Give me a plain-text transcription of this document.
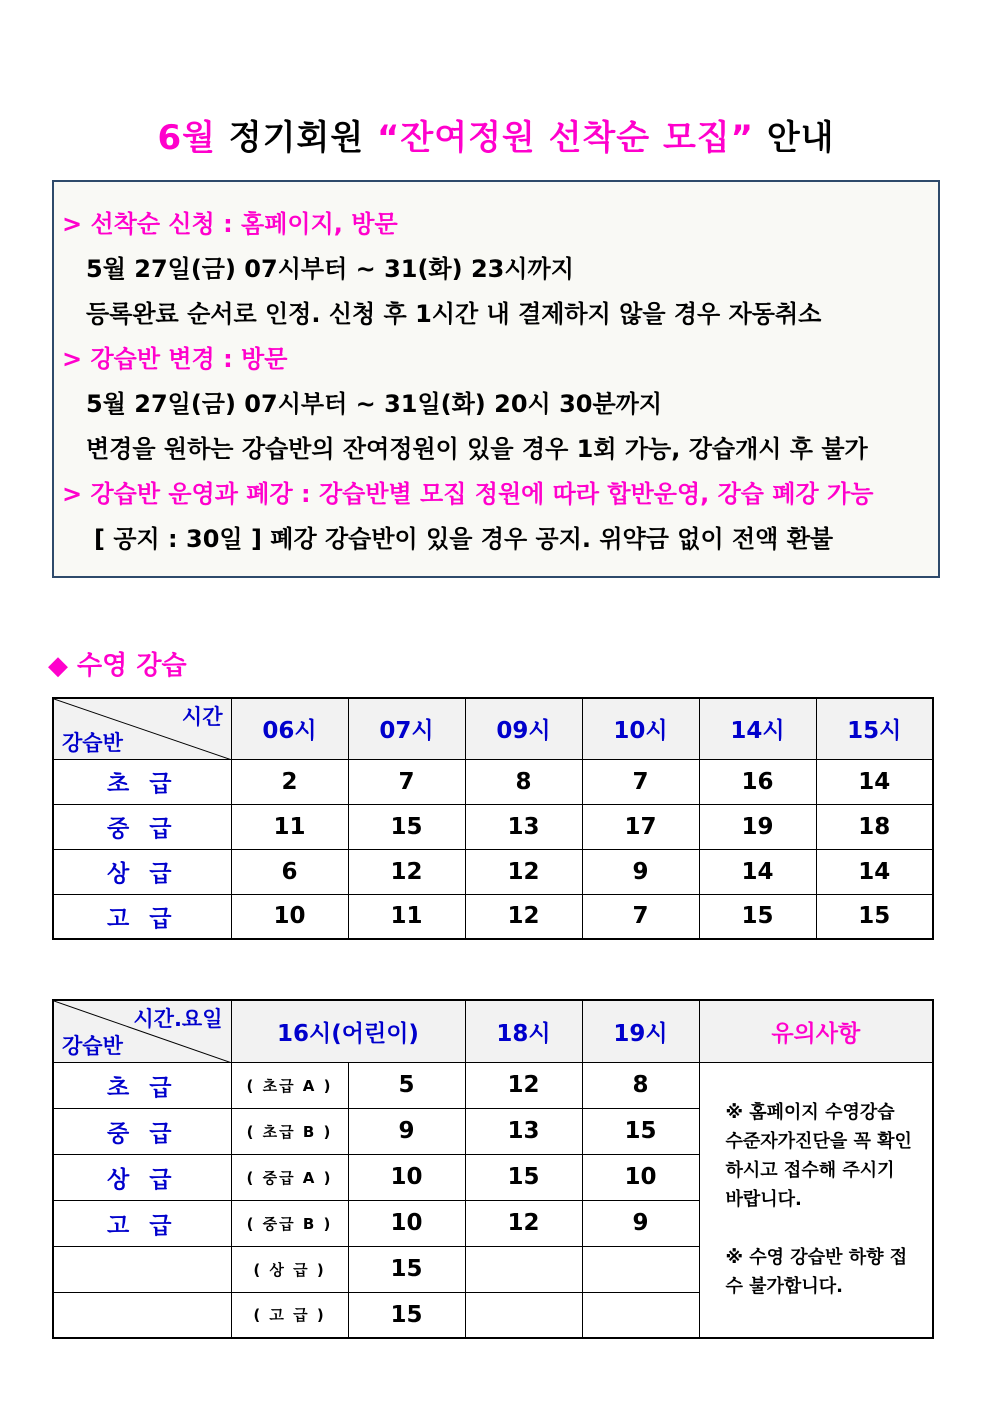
6월 정기회원 “잔여정원 선착순 모집” 안내
> 선착순 신청 : 홈페이지, 방문
5월 27일(금) 07시부터 ~ 31(화) 23시까지
등록완료 순서로 인정. 신청 후 1시간 내 결제하지 않을 경우 자동취소
> 강습반 변경 : 방문
5월 27일(금) 07시부터 ~ 31일(화) 20시 30분까지
변경을 원하는 강습반의 잔여정원이 있을 경우 1회 가능, 강습개시 후 불가
> 강습반 운영과 폐강 : 강습반별 모집 정원에 따라 합반운영, 강습 폐강 가능
[ 공지 : 30일 ] 폐강 강습반이 있을 경우 공지. 위약금 없이 전액 환불
◆ 수영 강습
시간
강습반	06시	07시	09시	10시	14시	15시
초 급	2	7	8	7	16	14
중 급	11	15	13	17	19	18
상 급	6	12	12	9	14	14
고 급	10	11	12	7	15	15
시간.요일
강습반	16시(어린이)		18시	19시	유의사항
초 급	( 초급 A )	5	12	8	※ 홈페이지 수영강습 수준자가진단을 꼭 확인하시고 접수해 주시기 바랍니다.

※ 수영 강습반 하향 접수 불가합니다.

중 급	( 초급 B )	9	13	15	
상 급	( 중급 A )	10	15	10	
고 급	( 중급 B )	10	12	9	
	( 상 급 )	15			
	( 고 급 )	15			
